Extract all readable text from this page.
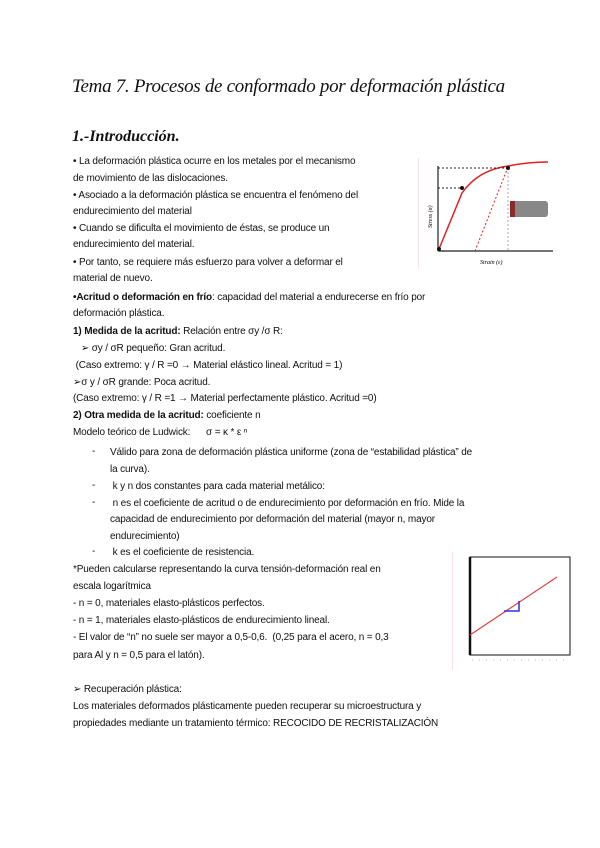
Tema 7. Procesos de conformado por deformación plástica
1.-Introducción.
• La deformación plástica ocurre en los metales por el mecanismo
de movimiento de las dislocaciones.
• Asociado a la deformación plástica se encuentra el fenómeno del
endurecimiento del material
• Cuando se dificulta el movimiento de éstas, se produce un
endurecimiento del material.
• Por tanto, se requiere más esfuerzo para volver a deformar el
material de nuevo.
•Acritud o deformación en frío: capacidad del material a endurecerse en frío por
deformación plástica.
1) Medida de la acritud: Relación entre σy /σ R:
➢ σy / σR pequeño: Gran acritud.
(Caso extremo: γ / R =0 → Material elástico lineal. Acritud = 1)
➢σ y / σR grande: Poca acritud.
(Caso extremo: γ / R =1 → Material perfectamente plástico. Acritud =0)
2) Otra medida de la acritud: coeficiente n
Modelo teórico de Ludwick:      σ = κ * ε ⁿ
- Válido para zona de deformación plástica uniforme (zona de “estabilidad plástica” de
la curva).
- k y n dos constantes para cada material metálico:
- n es el coeficiente de acritud o de endurecimiento por deformación en frío. Mide la
capacidad de endurecimiento por deformación del material (mayor n, mayor
endurecimiento)
- k es el coeficiente de resistencia.
*Pueden calcularse representando la curva tensión-deformación real en
escala logarítmica
- n = 0, materiales elasto-plásticos perfectos.
- n = 1, materiales elasto-plásticos de endurecimiento lineal.
- El valor de “n” no suele ser mayor a 0,5-0,6.  (0,25 para el acero, n = 0,3
para Al y n = 0,5 para el latón).
➢ Recuperación plástica:
Los materiales deformados plásticamente pueden recuperar su microestructura y
propiedades mediante un tratamiento térmico: RECOCIDO DE RECRISTALIZACIÓN
Stress (σ)
Strain (ε)
